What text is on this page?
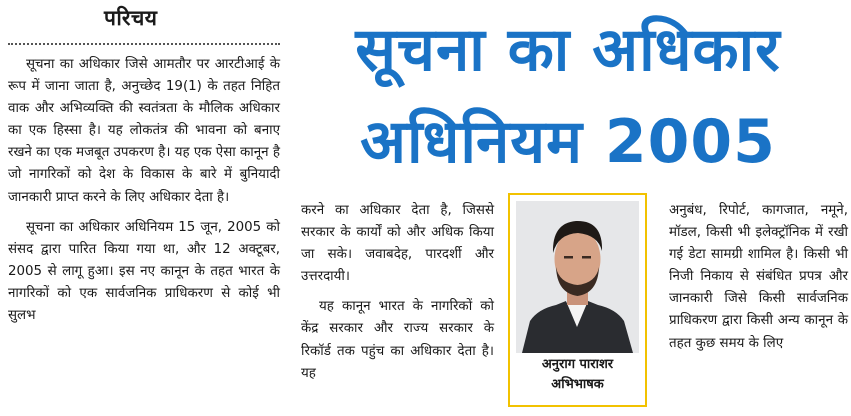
परिचय

सूचना का अधिकार जिसे आमतौर पर आरटीआई के रूप में जाना जाता है, अनुच्छेद 19(1) के तहत निहित वाक और अभिव्यक्ति की स्वतंत्रता के मौलिक अधिकार का एक हिस्सा है। यह लोकतंत्र की भावना को बनाए रखने का एक मजबूत उपकरण है। यह एक ऐसा कानून है जो नागरिकों को देश के विकास के बारे में बुनियादी जानकारी प्राप्त करने के लिए अधिकार देता है।

सूचना का अधिकार अधिनियम 15 जून, 2005 को संसद द्वारा पारित किया गया था, और 12 अक्टूबर, 2005 से लागू हुआ। इस नए कानून के तहत भारत के नागरिकों को एक सार्वजनिक प्राधिकरण से कोई भी सुलभ

सूचना का अधिकार
अधिनियम 2005

करने का अधिकार देता है, जिससे सरकार के कार्यों को और अधिक किया जा सके। जवाबदेह, पारदर्शी और उत्तरदायी।

यह कानून भारत के नागरिकों को केंद्र सरकार और राज्य सरकार के रिकॉर्ड तक पहुंच का अधिकार देता है। यह

अनुराग पाराशर
अभिभाषक

अनुबंध, रिपोर्ट, कागजात, नमूने, मॉडल, किसी भी इलेक्ट्रॉनिक में रखी गई डेटा सामग्री शामिल है। किसी भी निजी निकाय से संबंधित प्रपत्र और जानकारी जिसे किसी सार्वजनिक प्राधिकरण द्वारा किसी अन्य कानून के तहत कुछ समय के लिए
